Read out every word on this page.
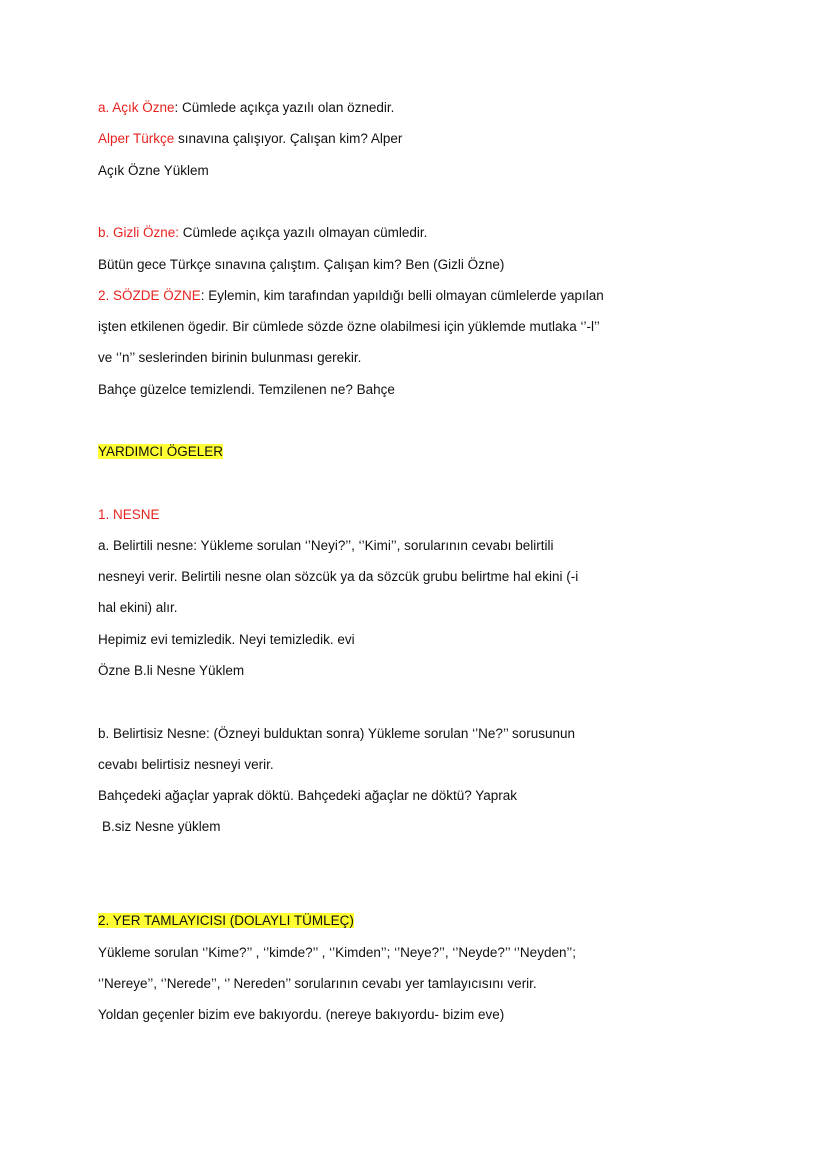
a. Açık Özne: Cümlede açıkça yazılı olan öznedir.
Alper Türkçe sınavına çalışıyor. Çalışan kim? Alper
Açık Özne Yüklem
b. Gizli Özne: Cümlede açıkça yazılı olmayan cümledir.
Bütün gece Türkçe sınavına çalıştım. Çalışan kim? Ben (Gizli Özne)
2. SÖZDE ÖZNE: Eylemin, kim tarafından yapıldığı belli olmayan cümlelerde yapılan
işten etkilenen ögedir. Bir cümlede sözde özne olabilmesi için yüklemde mutlaka ‘’-l’’
ve ‘’n’’ seslerinden birinin bulunması gerekir.
Bahçe güzelce temizlendi. Temzilenen ne? Bahçe
YARDIMCI ÖGELER
1. NESNE
a. Belirtili nesne: Yükleme sorulan ‘’Neyi?’’, ‘’Kimi’’, sorularının cevabı belirtili
nesneyi verir. Belirtili nesne olan sözcük ya da sözcük grubu belirtme hal ekini (-i
hal ekini) alır.
Hepimiz evi temizledik. Neyi temizledik. evi
Özne B.li Nesne Yüklem
b. Belirtisiz Nesne: (Özneyi bulduktan sonra) Yükleme sorulan ‘’Ne?’’ sorusunun
cevabı belirtisiz nesneyi verir.
Bahçedeki ağaçlar yaprak döktü. Bahçedeki ağaçlar ne döktü? Yaprak
B.siz Nesne yüklem
2. YER TAMLAYICISI (DOLAYLI TÜMLEÇ)
Yükleme sorulan ‘’Kime?’’ , ‘’kimde?’’ , ‘’Kimden’’; ‘’Neye?’’, ‘’Neyde?’’ ‘’Neyden’’;
‘’Nereye’’, ‘’Nerede’’, ‘’ Nereden’’ sorularının cevabı yer tamlayıcısını verir.
Yoldan geçenler bizim eve bakıyordu. (nereye bakıyordu- bizim eve)
